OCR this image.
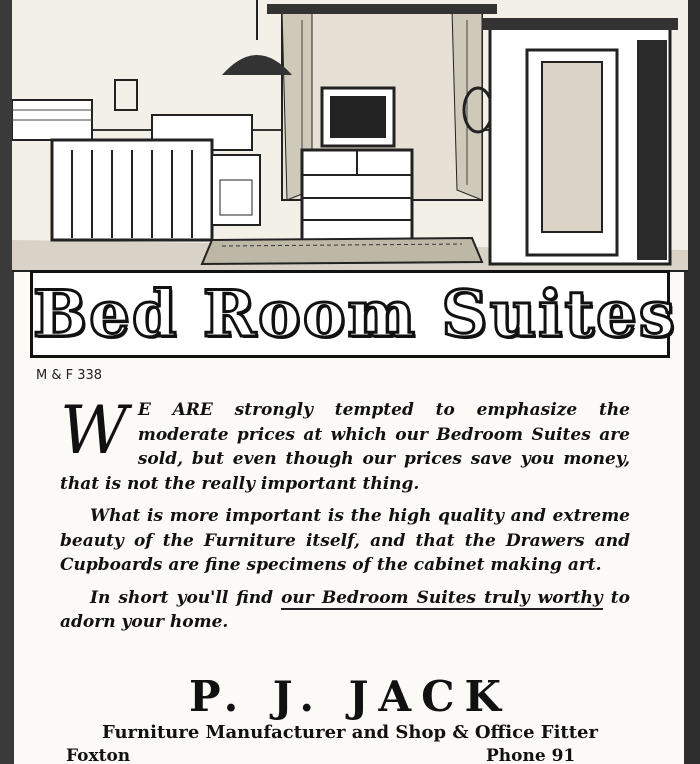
Bed Room Suites
M & F 338

W E ARE strongly tempted to emphasize the moderate prices at which our Bedroom Suites are sold, but even though our prices save you money, that is not the really important thing.

What is more important is the high quality and extreme beauty of the Furniture itself, and that the Drawers and Cupboards are fine specimens of the cabinet making art.

In short you'll find our Bedroom Suites truly worthy to adorn your home.

P. J. JACK
Furniture Manufacturer and Shop & Office Fitter
Foxton	Phone 91
